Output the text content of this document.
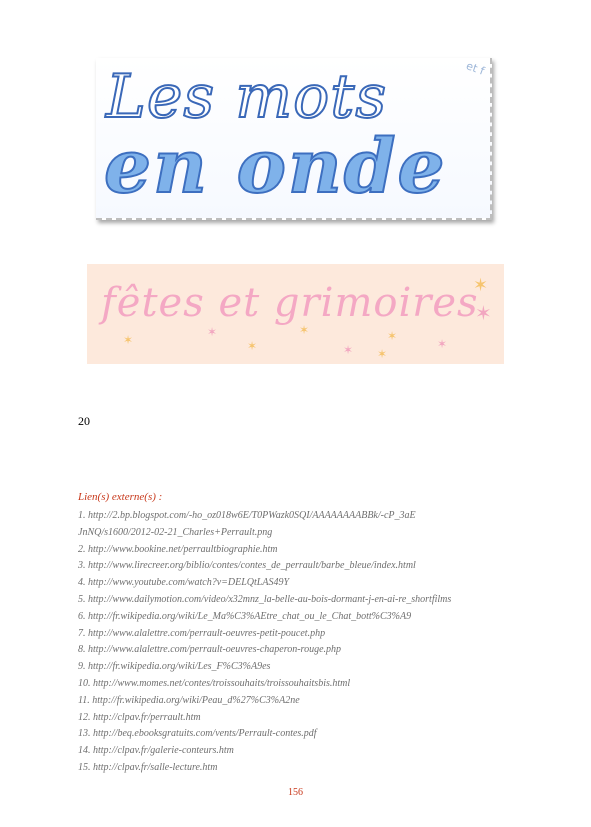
et f
Les mots
en onde
fêtes et grimoires
✶
✶
✶
✶
✶
✶
✶
✶
✶
✶
20
Lien(s) externe(s) :
1. http://2.bp.blogspot.com/-ho_oz018w6E/T0PWazk0SQI/AAAAAAAABBk/-cP_3aE
JnNQ/s1600/2012-02-21_Charles+Perrault.png
2. http://www.bookine.net/perraultbiographie.htm
3. http://www.lirecreer.org/biblio/contes/contes_de_perrault/barbe_bleue/index.html
4. http://www.youtube.com/watch?v=DELQtLAS49Y
5. http://www.dailymotion.com/video/x32mnz_la-belle-au-bois-dormant-j-en-ai-re_shortfilms
6. http://fr.wikipedia.org/wiki/Le_Ma%C3%AEtre_chat_ou_le_Chat_bott%C3%A9
7. http://www.alalettre.com/perrault-oeuvres-petit-poucet.php
8. http://www.alalettre.com/perrault-oeuvres-chaperon-rouge.php
9. http://fr.wikipedia.org/wiki/Les_F%C3%A9es
10. http://www.momes.net/contes/troissouhaits/troissouhaitsbis.html
11. http://fr.wikipedia.org/wiki/Peau_d%27%C3%A2ne
12. http://clpav.fr/perrault.htm
13. http://beq.ebooksgratuits.com/vents/Perrault-contes.pdf
14. http://clpav.fr/galerie-conteurs.htm
15. http://clpav.fr/salle-lecture.htm
156
